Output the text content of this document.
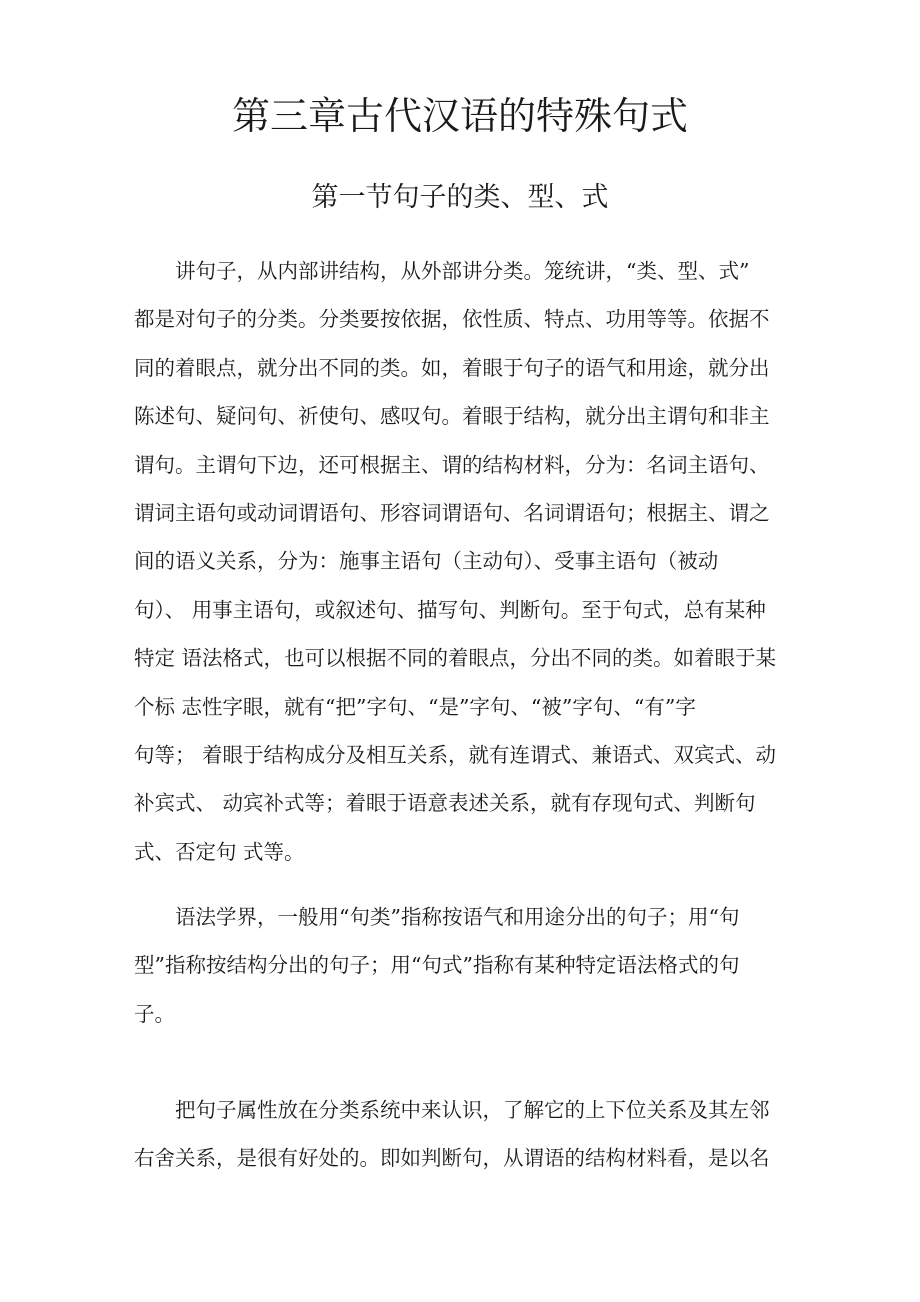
第三章古代汉语的特殊句式
第一节句子的类、型、式
讲句子，从内部讲结构，从外部讲分类。笼统讲，“类、型、式”
都是对句子的分类。分类要按依据，依性质、特点、功用等等。依据不
同的着眼点，就分出不同的类。如，着眼于句子的语气和用途，就分出
陈述句、疑问句、祈使句、感叹句。着眼于结构，就分出主谓句和非主
谓句。主谓句下边，还可根据主、谓的结构材料，分为：名词主语句、
谓词主语句或动词谓语句、形容词谓语句、名词谓语句；根据主、谓之
间的语义关系，分为：施事主语句（主动句）、受事主语句（被动
句）、 用事主语句，或叙述句、描写句、判断句。至于句式，总有某种
特定 语法格式，也可以根据不同的着眼点，分出不同的类。如着眼于某
个标 志性字眼，就有“把”字句、“是”字句、“被”字句、“有”字
句等； 着眼于结构成分及相互关系，就有连谓式、兼语式、双宾式、动
补宾式、 动宾补式等；着眼于语意表述关系，就有存现句式、判断句
式、否定句 式等。
语法学界，一般用“句类”指称按语气和用途分出的句子；用“句
型”指称按结构分出的句子；用“句式”指称有某种特定语法格式的句
子。
把句子属性放在分类系统中来认识，了解它的上下位关系及其左邻
右舍关系，是很有好处的。即如判断句，从谓语的结构材料看，是以名
